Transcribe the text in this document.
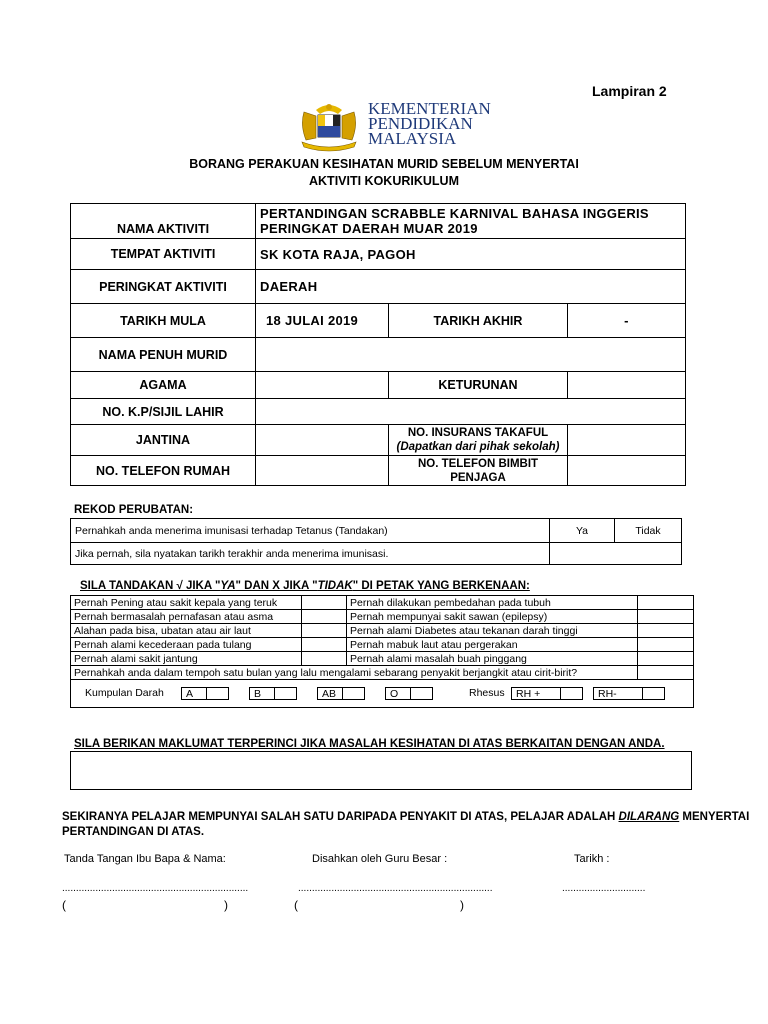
Lampiran 2
KEMENTERIAN
PENDIDIKAN
MALAYSIA
BORANG PERAKUAN KESIHATAN MURID SEBELUM MENYERTAI
AKTIVITI KOKURIKULUM
NAMA AKTIVITI	PERTANDINGAN SCRABBLE KARNIVAL BAHASA INGGERIS
PERINGKAT DAERAH MUAR 2019		

TEMPAT AKTIVITI	SK KOTA RAJA, PAGOH		
PERINGKAT AKTIVITI	DAERAH		
TARIKH MULA	18 JULAI 2019	TARIKH AKHIR	-
NAMA PENUH MURID			
AGAMA		KETURUNAN	
NO. K.P/SIJIL LAHIR			
JANTINA		NO. INSURANS TAKAFUL
(Dapatkan dari pihak sekolah)	

NO. TELEFON RUMAH		NO. TELEFON BIMBIT
PENJAGA	

REKOD PERUBATAN:
Pernahkah anda menerima imunisasi terhadap Tetanus (Tandakan)	Ya	Tidak
Jika pernah, sila nyatakan tarikh terakhir anda menerima imunisasi.		
SILA TANDAKAN √ JIKA "YA" DAN X JIKA "TIDAK" DI PETAK YANG BERKENAAN:
Pernah Pening atau sakit kepala yang teruk		Pernah dilakukan pembedahan pada tubuh	
Pernah bermasalah pernafasan atau asma		Pernah mempunyai sakit sawan (epilepsy)	
Alahan pada bisa, ubatan atau air laut		Pernah alami Diabetes atau tekanan darah tinggi	
Pernah alami kecederaan pada tulang		Pernah mabuk laut atau pergerakan	
Pernah alami sakit jantung		Pernah alami masalah buah pinggang	
Pernahkah anda dalam tempoh satu bulan yang lalu mengalami sebarang penyakit berjangkit atau cirit-birit?			
Kumpulan Darah A B AB O Rhesus RH + RH-			
SILA BERIKAN MAKLUMAT TERPERINCI JIKA MASALAH KESIHATAN DI ATAS BERKAITAN DENGAN ANDA.
SEKIRANYA PELAJAR MEMPUNYAI SALAH SATU DARIPADA PENYAKIT DI ATAS, PELAJAR ADALAH DILARANG MENYERTAI
PERTANDINGAN DI ATAS.
Tanda Tangan Ibu Bapa & Nama:	Disahkan oleh Guru Besar :	Tarikh :
...................................................................	......................................................................	..............................
(	)	(	)
